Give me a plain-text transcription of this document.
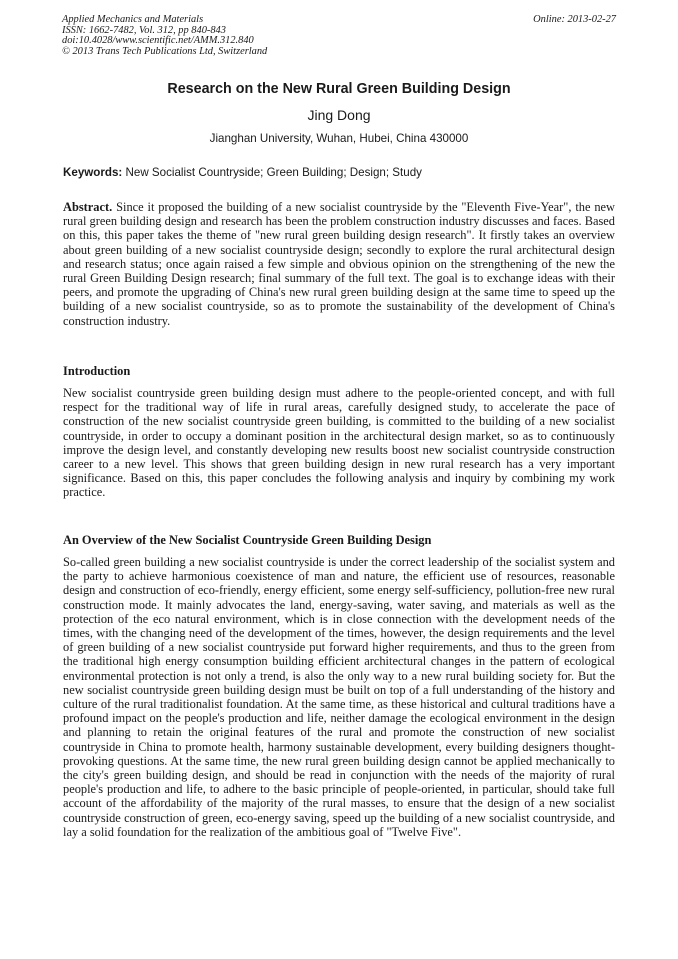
Applied Mechanics and Materials
ISSN: 1662-7482, Vol. 312, pp 840-843
doi:10.4028/www.scientific.net/AMM.312.840
© 2013 Trans Tech Publications Ltd, Switzerland
Online: 2013-02-27
Research on the New Rural Green Building Design
Jing Dong
Jianghan University, Wuhan, Hubei, China 430000
Keywords: New Socialist Countryside; Green Building; Design; Study

Abstract. Since it proposed the building of a new socialist countryside by the "Eleventh Five-Year", the new rural green building design and research has been the problem construction industry discusses and faces. Based on this, this paper takes the theme of "new rural green building design research". It firstly takes an overview about green building of a new socialist countryside design; secondly to explore the rural architectural design and research status; once again raised a few simple and obvious opinion on the strengthening of the new the rural Green Building Design research; final summary of the full text. The goal is to exchange ideas with their peers, and promote the upgrading of China's new rural green building design at the same time to speed up the building of a new socialist countryside, so as to promote the sustainability of the development of China's construction industry.

Introduction

New socialist countryside green building design must adhere to the people-oriented concept, and with full respect for the traditional way of life in rural areas, carefully designed study, to accelerate the pace of construction of the new socialist countryside green building, is committed to the building of a new socialist countryside, in order to occupy a dominant position in the architectural design market, so as to continuously improve the design level, and constantly developing new results boost new socialist countryside construction career to a new level. This shows that green building design in new rural research has a very important significance. Based on this, this paper concludes the following analysis and inquiry by combining my work practice.

An Overview of the New Socialist Countryside Green Building Design

So-called green building a new socialist countryside is under the correct leadership of the socialist system and the party to achieve harmonious coexistence of man and nature, the efficient use of resources, reasonable design and construction of eco-friendly, energy efficient, some energy self-sufficiency, pollution-free new rural construction mode. It mainly advocates the land, energy-saving, water saving, and materials as well as the protection of the eco natural environment, which is in close connection with the development needs of the times, with the changing need of the development of the times, however, the design requirements and the level of green building of a new socialist countryside put forward higher requirements, and thus to the green from the traditional high energy consumption building efficient architectural changes in the pattern of ecological environmental protection is not only a trend, is also the only way to a new rural building society for. But the new socialist countryside green building design must be built on top of a full understanding of the history and culture of the rural traditionalist foundation. At the same time, as these historical and cultural traditions have a profound impact on the people's production and life, neither damage the ecological environment in the design and planning to retain the original features of the rural and promote the construction of new socialist countryside in China to promote health, harmony sustainable development, every building designers thought-provoking questions. At the same time, the new rural green building design cannot be applied mechanically to the city's green building design, and should be read in conjunction with the needs of the majority of rural people's production and life, to adhere to the basic principle of people-oriented, in particular, should take full account of the affordability of the majority of the rural masses, to ensure that the design of a new socialist countryside construction of green, eco-energy saving, speed up the building of a new socialist countryside, and lay a solid foundation for the realization of the ambitious goal of "Twelve Five".
